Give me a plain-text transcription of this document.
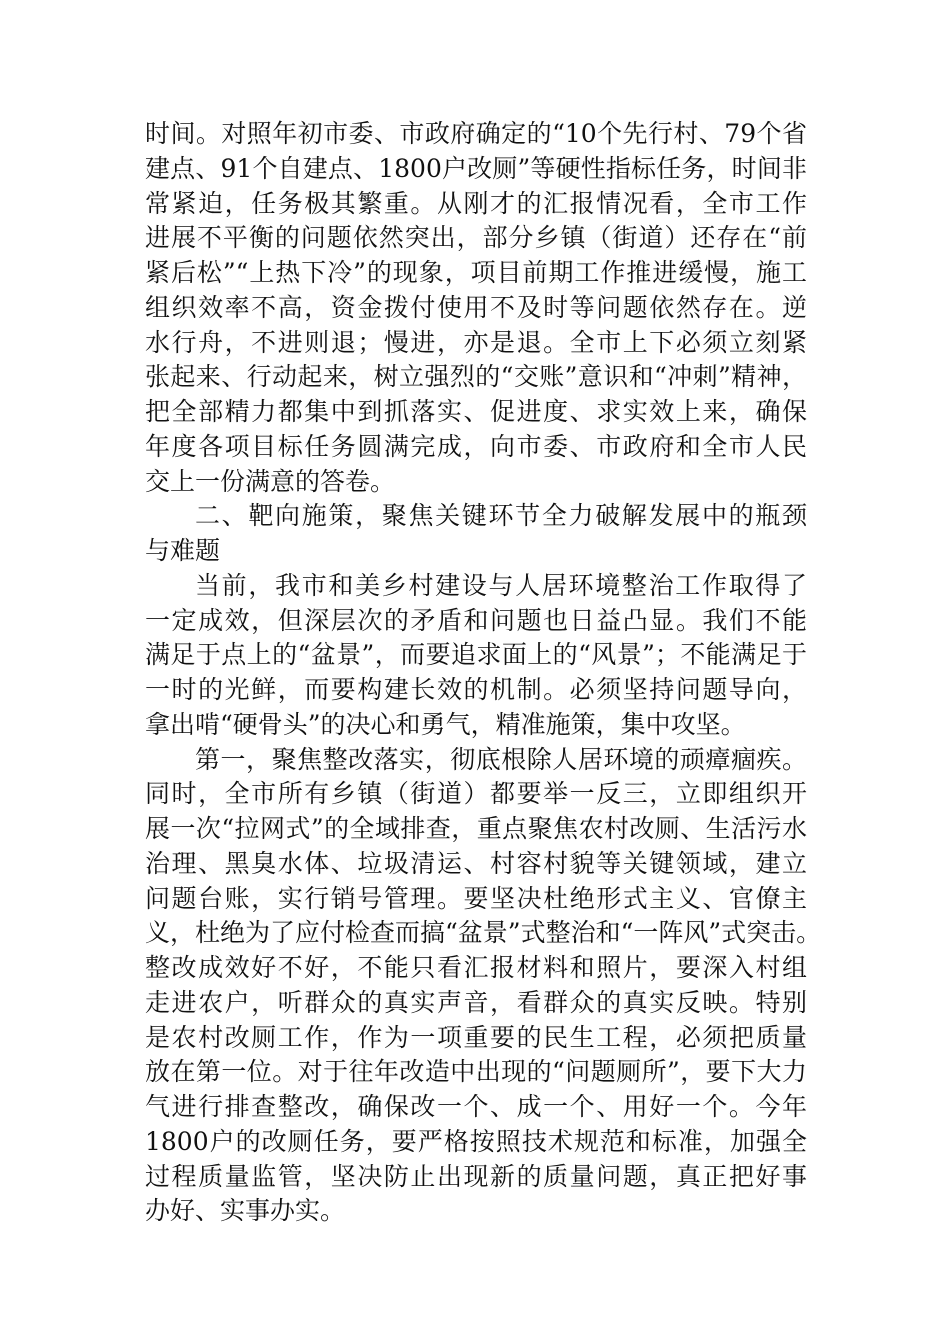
时间。对照年初市委、市政府确定的“10个先行村、79个省
建点、91个自建点、1800户改厕”等硬性指标任务，时间非
常紧迫，任务极其繁重。从刚才的汇报情况看，全市工作
进展不平衡的问题依然突出，部分乡镇（街道）还存在“前
紧后松”“上热下冷”的现象，项目前期工作推进缓慢，施工
组织效率不高，资金拨付使用不及时等问题依然存在。逆
水行舟，不进则退；慢进，亦是退。全市上下必须立刻紧
张起来、行动起来，树立强烈的“交账”意识和“冲刺”精神，
把全部精力都集中到抓落实、促进度、求实效上来，确保
年度各项目标任务圆满完成，向市委、市政府和全市人民
交上一份满意的答卷。
二、靶向施策，聚焦关键环节全力破解发展中的瓶颈
与难题
当前，我市和美乡村建设与人居环境整治工作取得了
一定成效，但深层次的矛盾和问题也日益凸显。我们不能
满足于点上的“盆景”，而要追求面上的“风景”；不能满足于
一时的光鲜，而要构建长效的机制。必须坚持问题导向，
拿出啃“硬骨头”的决心和勇气，精准施策，集中攻坚。
第一，聚焦整改落实，彻底根除人居环境的顽瘴痼疾。
同时，全市所有乡镇（街道）都要举一反三，立即组织开
展一次“拉网式”的全域排查，重点聚焦农村改厕、生活污水
治理、黑臭水体、垃圾清运、村容村貌等关键领域，建立
问题台账，实行销号管理。要坚决杜绝形式主义、官僚主
义，杜绝为了应付检查而搞“盆景”式整治和“一阵风”式突击。
整改成效好不好，不能只看汇报材料和照片，要深入村组
走进农户，听群众的真实声音，看群众的真实反映。特别
是农村改厕工作，作为一项重要的民生工程，必须把质量
放在第一位。对于往年改造中出现的“问题厕所”，要下大力
气进行排查整改，确保改一个、成一个、用好一个。今年
1800户的改厕任务，要严格按照技术规范和标准，加强全
过程质量监管，坚决防止出现新的质量问题，真正把好事
办好、实事办实。
